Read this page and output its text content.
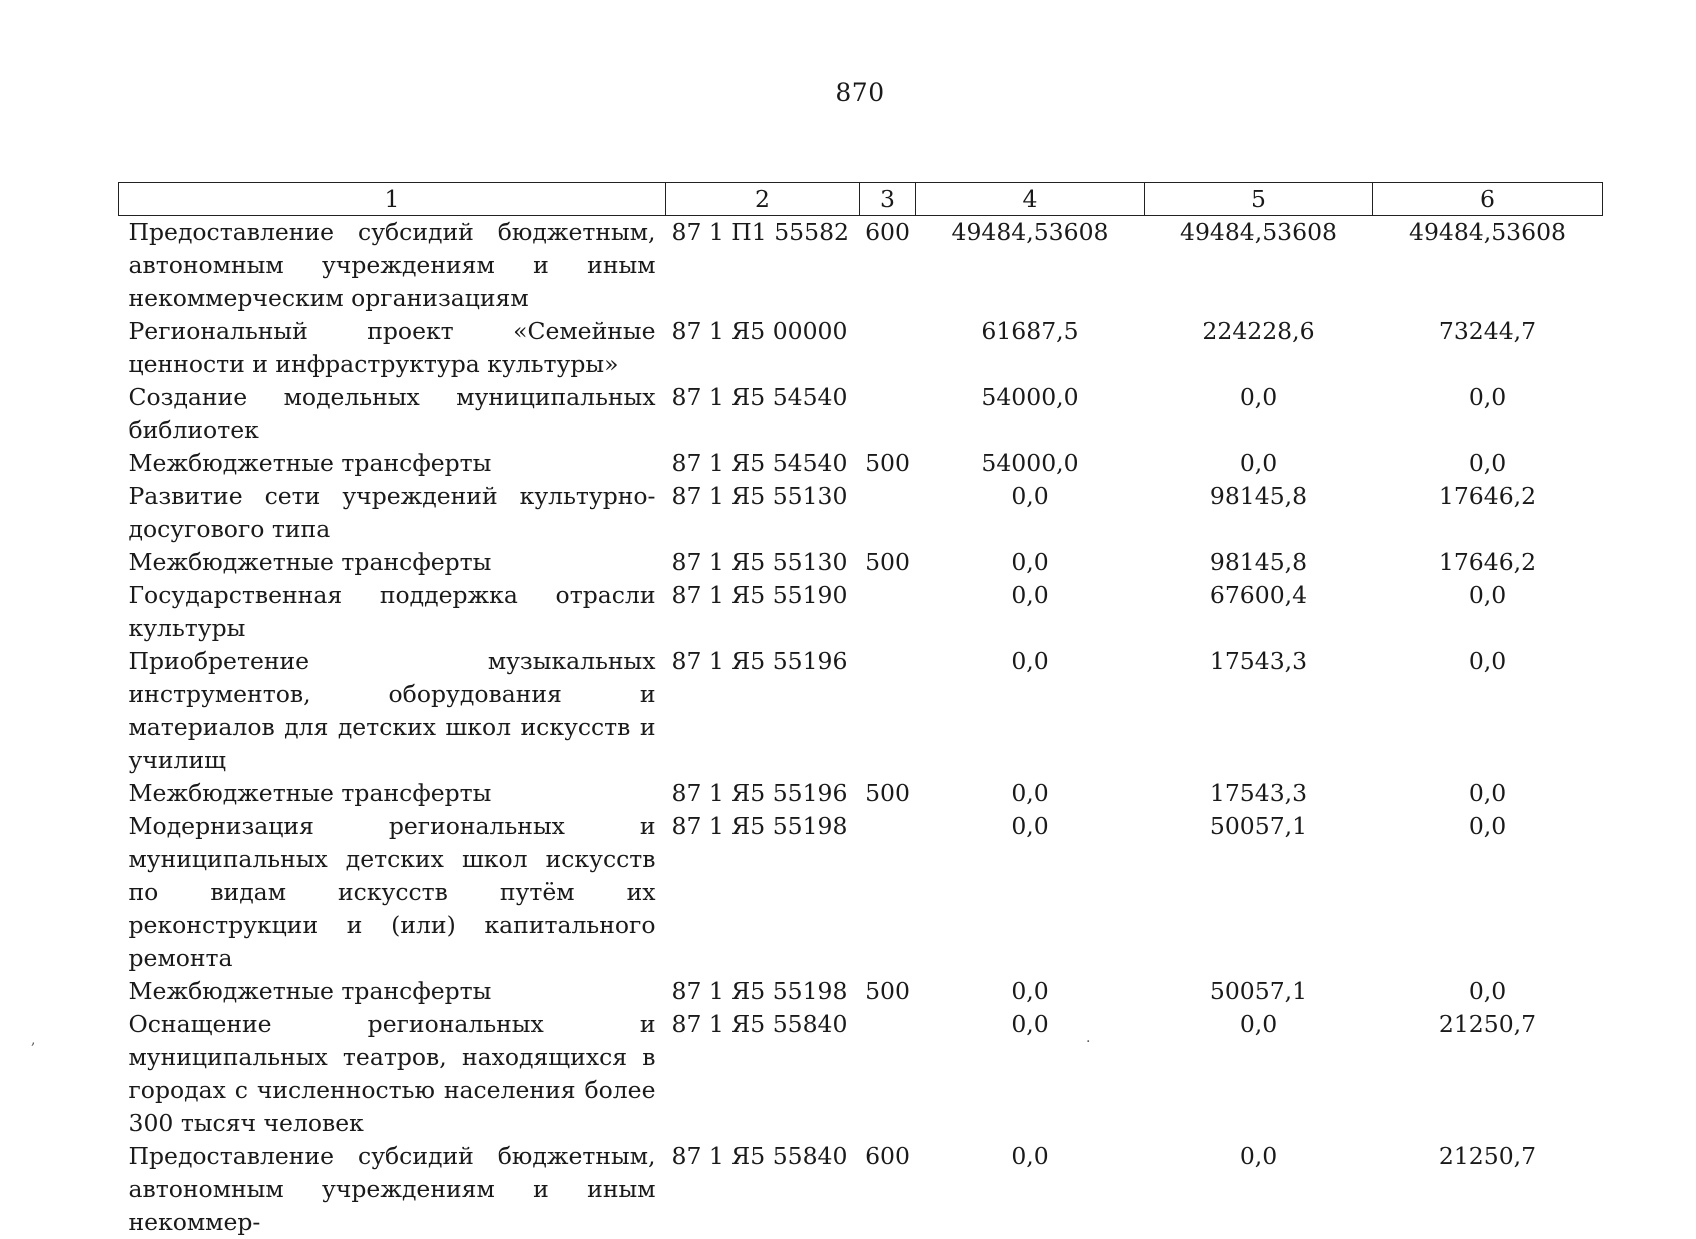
870
1	2	3	4	5	6
Предоставление субсидий бюджетным, автономным учреждениям и иным некоммерческим организациям	87 1 П1 55582	600	49484,53608	49484,53608	49484,53608
Региональный проект «Семейные ценности и инфраструктура культуры»	87 1 Я5 00000		61687,5	224228,6	73244,7
Создание модельных муниципальных библиотек	87 1 Я5 54540		54000,0	0,0	0,0
Межбюджетные трансферты	87 1 Я5 54540	500	54000,0	0,0	0,0
Развитие сети учреждений культурно-досугового типа	87 1 Я5 55130		0,0	98145,8	17646,2
Межбюджетные трансферты	87 1 Я5 55130	500	0,0	98145,8	17646,2
Государственная поддержка отрасли культуры	87 1 Я5 55190		0,0	67600,4	0,0
Приобретение музыкальных инструментов, оборудования и материалов для детских школ искусств и училищ	87 1 Я5 55196		0,0	17543,3	0,0
Межбюджетные трансферты	87 1 Я5 55196	500	0,0	17543,3	0,0
Модернизация региональных и муниципальных детских школ искусств по видам искусств путём их реконструкции и (или) капитального ремонта	87 1 Я5 55198		0,0	50057,1	0,0
Межбюджетные трансферты	87 1 Я5 55198	500	0,0	50057,1	0,0
Оснащение региональных и муниципальных театров, находящихся в городах с численностью населения более 300 тысяч человек	87 1 Я5 55840		0,0	0,0	21250,7
Предоставление субсидий бюджетным, автономным учреждениям и иным некоммер-	87 1 Я5 55840	600	0,0	0,0	21250,7
,	.
